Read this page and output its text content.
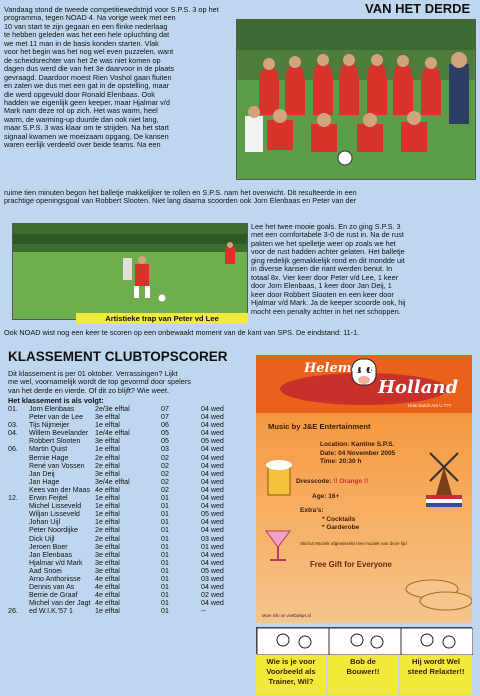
VAN HET DERDE
Vandaag stond de tweede competitiewedstrijd voor S.P.S. 3 op het
programma, tegen NOAD 4. Na vorige week met een
10 van start te zijn gegaan en een flinke nederlaag
te hebben geleden was het een hele opluchting dat
we met 11 man in de basis konden starten. Vlak
voor het begin was het nog wel even puzzelen, want
de scheidsrechter van het 2e was niet komen op
dagen dus werd die van het 3e daarvoor in de plaats
gevraagd. Daardoor moest Rien Voshol gaan fluiten
en zaten we dus met een gat in de opstelling, maar
die werd opgevuld door Ronald Elenbaas. Ook
hadden we eigenlijk geen keeper, maar Hjalmar v/d
Mark nam deze rol op zich. Het was warm, heel
warm, de warming-up duurde dan ook niet lang,
maar S.P.S. 3 was klaar om te strijden. Na het start
signaal kwamen we moeizaam opgang. De kansen
waren eerlijk verdeeld over beide teams. Na een
ruime tien minuten begon het balletje makkelijker te rollen en S.P.S. nam het overwicht. Dit resulteerde in een
prachtige openingsgoal van Robbert Slooten. Niet lang daarna scoorden ook Jorn Elenbaas en Peter van der
Lee het twee mooie goals. En zo ging S.P.S. 3
met een comfortabele 3-0 de rust in. Na de rust
pakten we het spelletje weer op zoals we het
voor de rust hadden achter gelaten. Het balletje
ging redelijk gemakkelijk rond en dit mondde uit
in diverse kansen die riant werden benut. In
totaal 8x. Vier keer door Peter v/d Lee, 1 keer
door Jorn Elenbaas, 1 keer door Jan Deij, 1
keer door Robbert Slooten en een keer door
Hjalmar v/d Mark. Ja de keeper scoorde ook, hij
mocht een penalty achter in het net schoppen.
Artistieke trap van Peter vd Lee
Ook NOAD wist nog een keer te scoren op een onbewaakt moment van de kant van SPS. De eindstand: 11-1.
KLASSEMENT CLUBTOPSCORER
Dit klassement is per 01 oktober. Verrassingen? Lijkt
me wel, voornamelijk wordt de top gevormd door spelers
van het derde en vierde. Of dit zo blijft? Wie weet.
Het klassement is als volgt:
01.	Jorn Elenbaas	2e/3e elftal	07	04 wed
Peter van de Lee	3e elftal	07	04 wed
03.	Tijs Nijmeijer	1e elftal	06	04 wed
04.	Willem Bevelander 1e/4e elftal	05	04 wed
Robbert Slooten	3e elftal	05	05 wed
06.	Martin Quist	1e elftal	03	04 wed
Bernie Hage	2e elftal	02	04 wed
René van Vossen	2e elftal	02	04 wed
Jan Deij	3e elftal	02	04 wed
Jan Hage	3e/4e elftal	02	04 wed
Kees van der Maas 4e elftal	02	04 wed
12.	Erwin Feijtel	1e elftal	01	04 wed
Michel Lisseveld	1e elftal	01	04 wed
Wiljan Lisseveld	1e elftal	01	05 wed
Johan Uijl	1e elftal	01	04 wed
Peter Noordijke	2e elftal	01	04 wed
Dick Uijl	2e elftal	01	03 wed
Jeroen Boer	3e elftal	01	01 wed
Jan Elenbaas	3e elftal	01	04 wed
Hjalmar v/d Mark	3e elftal	01	04 wed
Aad Snoei	3e elftal	01	05 wed
Arno Anthonisse	4e elftal	01	03 wed
Dennis van As	4e elftal	01	04 wed
Berrie de Graaf	4e elftal	01	02 wed
Michel van der Jagt 4e elftal	01	04 wed
26.	ed W.I.K.'57 1	1e elftal	01	--
Helemaal
Holland
How Dutch Are U ???
Music by J&E Entertainment
Location: Kantine S.P.S.
Date: 04 November 2005
Time: 20:30 h
Dresscode: !! Orange !!
Age: 16+
Extra's:
* Cocktails
* Garderobe
Slichut Muziek afgewisseld met muziek van deze tijd
Free Gift for Everyone
More info on voetbalsps.nl
Wie is je voor Voorbeeld als Trainer, Wil?
Bob de Bouwer!!
Hij wordt Wel steed Relaxter!!
